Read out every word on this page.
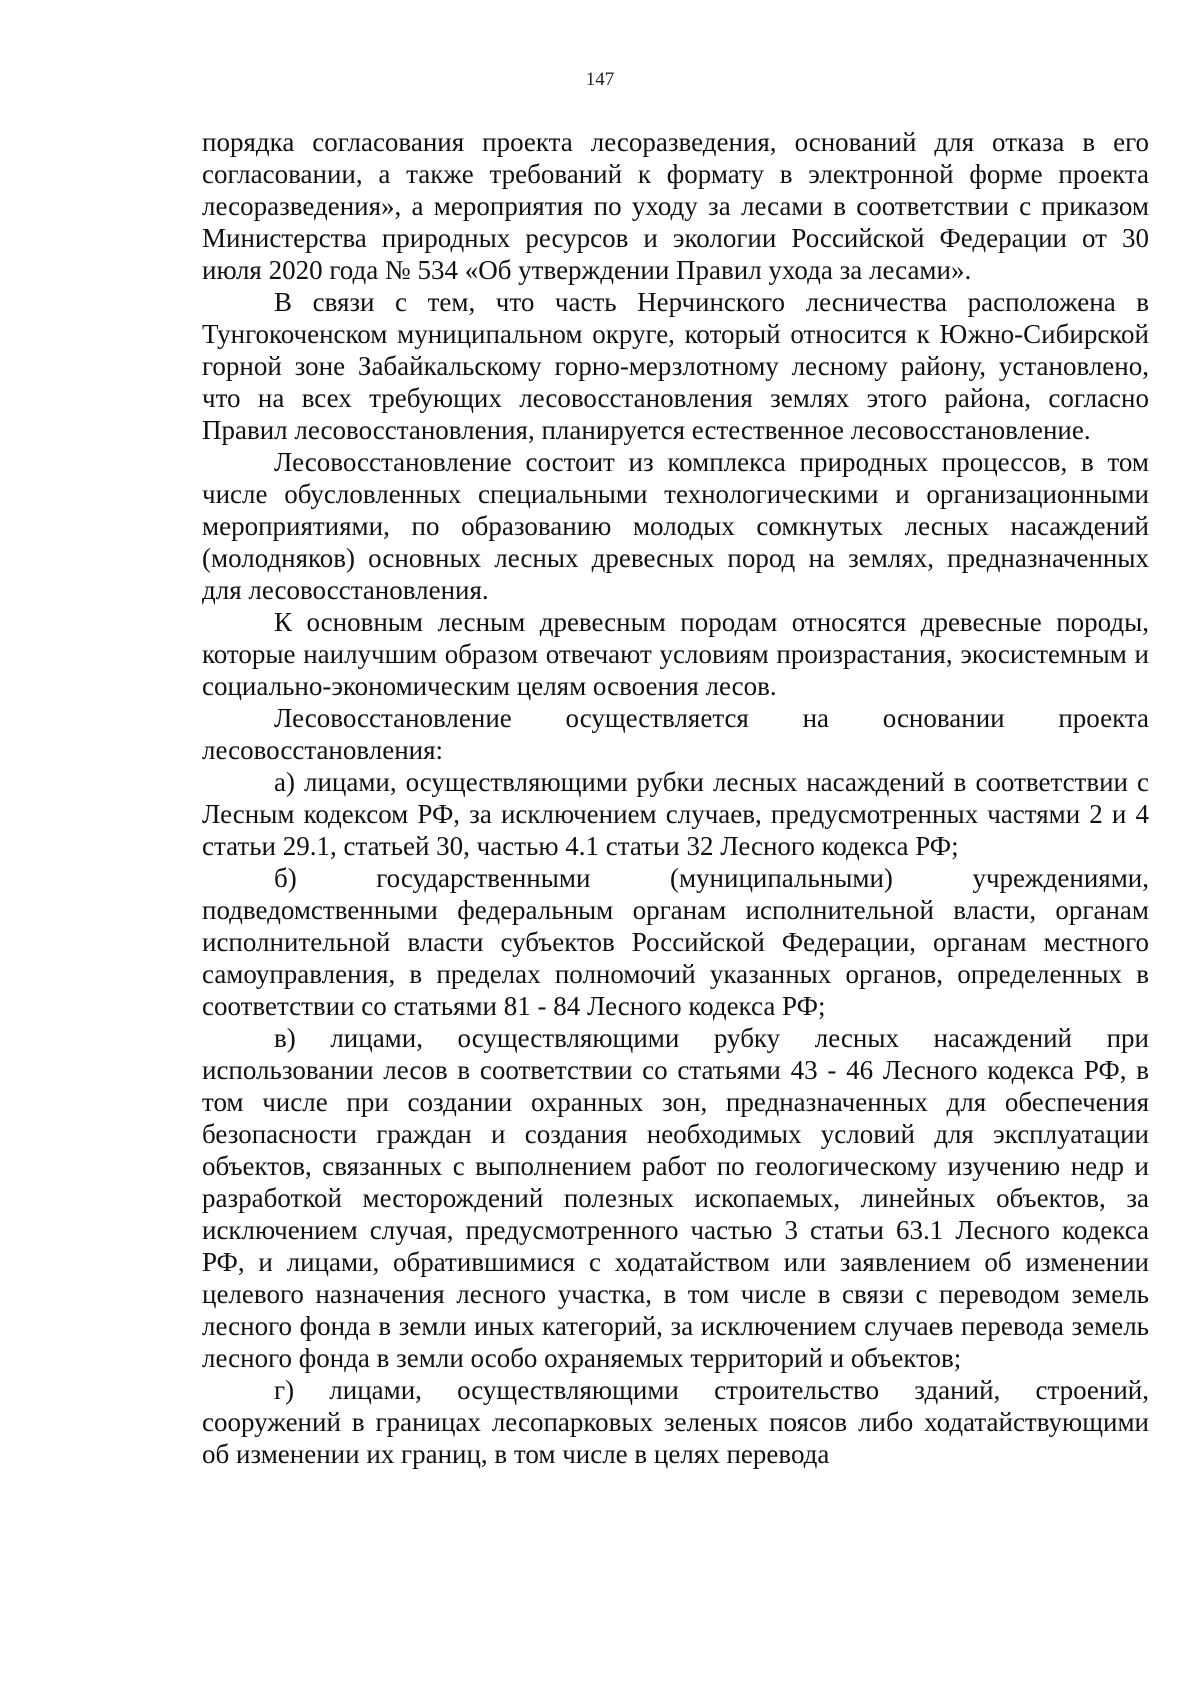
147

порядка согласования проекта лесоразведения, оснований для отказа в его согласовании, а также требований к формату в электронной форме проекта лесоразведения», а мероприятия по уходу за лесами в соответствии с приказом Министерства природных ресурсов и экологии Российской Федерации от 30 июля 2020 года № 534 «Об утверждении Правил ухода за лесами».

В связи с тем, что часть Нерчинского лесничества расположена в Тунгокоченском муниципальном округе, который относится к Южно-Сибирской горной зоне Забайкальскому горно-мерзлотному лесному району, установлено, что на всех требующих лесовосстановления землях этого района, согласно Правил лесовосстановления, планируется естественное лесовосстановление.

Лесовосстановление состоит из комплекса природных процессов, в том числе обусловленных специальными технологическими и организационными мероприятиями, по образованию молодых сомкнутых лесных насаждений (молодняков) основных лесных древесных пород на землях, предназначенных для лесовосстановления.

К основным лесным древесным породам относятся древесные породы, которые наилучшим образом отвечают условиям произрастания, экосистемным и социально-экономическим целям освоения лесов.

Лесовосстановление осуществляется на основании проекта лесовосстановления:

а) лицами, осуществляющими рубки лесных насаждений в соответствии с Лесным кодексом РФ, за исключением случаев, предусмотренных частями 2 и 4 статьи 29.1, статьей 30, частью 4.1 статьи 32 Лесного кодекса РФ;

б) государственными (муниципальными) учреждениями, подведомственными федеральным органам исполнительной власти, органам исполнительной власти субъектов Российской Федерации, органам местного самоуправления, в пределах полномочий указанных органов, определенных в соответствии со статьями 81 - 84 Лесного кодекса РФ;

в) лицами, осуществляющими рубку лесных насаждений при использовании лесов в соответствии со статьями 43 - 46 Лесного кодекса РФ, в том числе при создании охранных зон, предназначенных для обеспечения безопасности граждан и создания необходимых условий для эксплуатации объектов, связанных с выполнением работ по геологическому изучению недр и разработкой месторождений полезных ископаемых, линейных объектов, за исключением случая, предусмотренного частью 3 статьи 63.1 Лесного кодекса РФ, и лицами, обратившимися с ходатайством или заявлением об изменении целевого назначения лесного участка, в том числе в связи с переводом земель лесного фонда в земли иных категорий, за исключением случаев перевода земель лесного фонда в земли особо охраняемых территорий и объектов;

г) лицами, осуществляющими строительство зданий, строений, сооружений в границах лесопарковых зеленых поясов либо ходатайствующими об изменении их границ, в том числе в целях перевода
